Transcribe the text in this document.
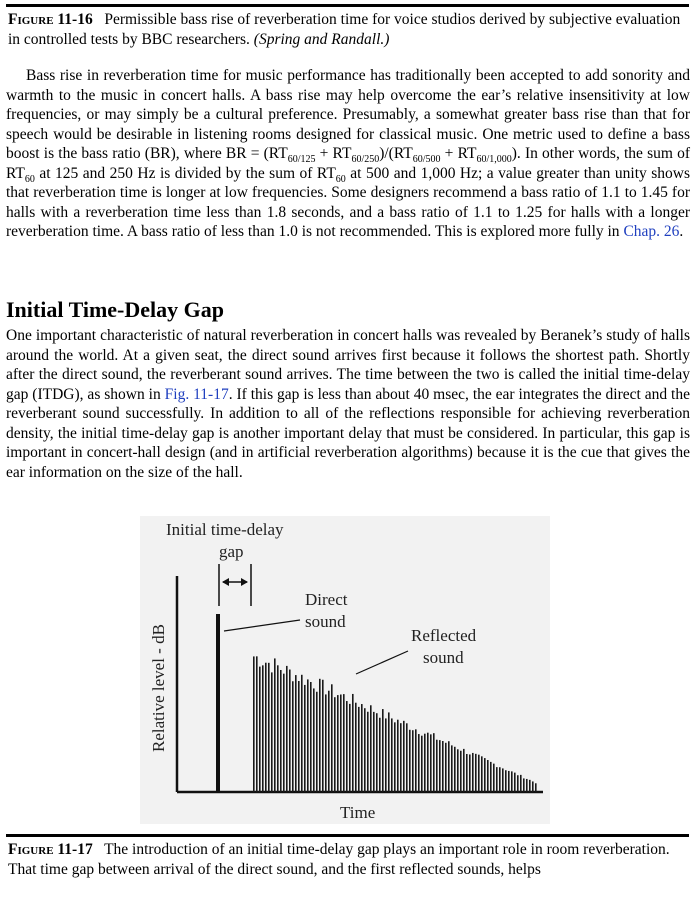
Figure 11-16 Permissible bass rise of reverberation time for voice studios derived by subjective evaluation in controlled tests by BBC researchers. (Spring and Randall.)
Bass rise in reverberation time for music performance has traditionally been accepted to add sonority and warmth to the music in concert halls. A bass rise may help overcome the ear’s relative insensitivity at low frequencies, or may simply be a cultural preference. Presumably, a somewhat greater bass rise than that for speech would be desirable in listening rooms designed for classical music. One metric used to define a bass boost is the bass ratio (BR), where BR = $(RT_{60/125} + RT_{60/250})/(RT_{60/500} + RT_{60/1,000})$. In other words, the sum of $RT_{60}$ at 125 and 250 Hz is divided by the sum of $RT_{60}$ at 500 and 1,000 Hz; a value greater than unity shows that reverberation time is longer at low frequencies. Some designers recommend a bass ratio of 1.1 to 1.45 for halls with a reverberation time less than 1.8 seconds, and a bass ratio of 1.1 to 1.25 for halls with a longer reverberation time. A bass ratio of less than 1.0 is not recommended. This is explored more fully in Chap. 26.
Initial Time-Delay Gap
One important characteristic of natural reverberation in concert halls was revealed by Beranek’s study of halls around the world. At a given seat, the direct sound arrives first because it follows the shortest path. Shortly after the direct sound, the reverberant sound arrives. The time between the two is called the initial time-delay gap (ITDG), as shown in Fig. 11-17. If this gap is less than about 40 msec, the ear integrates the direct and the reverberant sound successfully. In addition to all of the reflections responsible for achieving reverberation density, the initial time-delay gap is another important delay that must be considered. In particular, this gap is important in concert-hall design (and in artificial reverberation algorithms) because it is the cue that gives the ear information on the size of the hall.
Initial time-delay
gap
Direct
sound
Reflected
sound
Relative level - dB
Time
Figure 11-17 The introduction of an initial time-delay gap plays an important role in room reverberation. That time gap between arrival of the direct sound, and the first reflected sounds, helps
